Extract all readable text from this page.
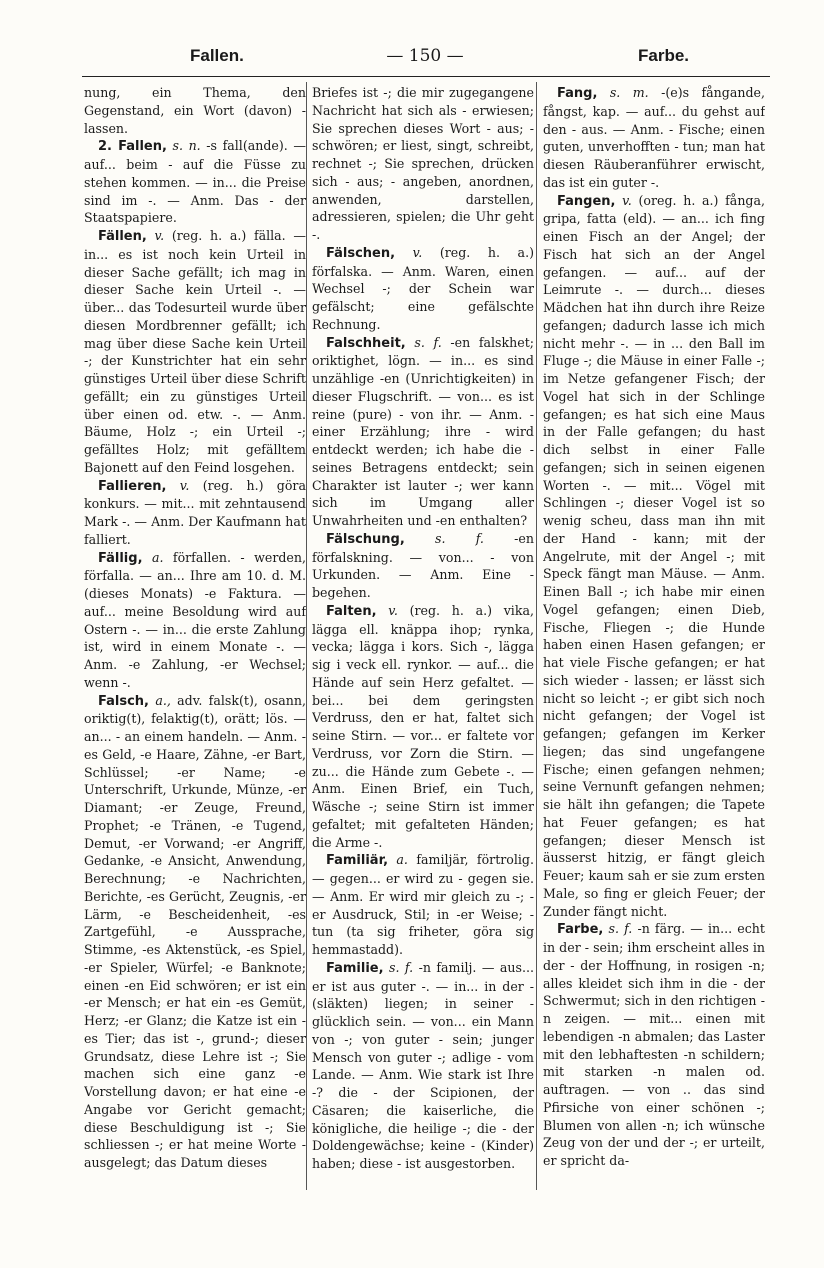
Fallen.	— 150 —	Farbe.

nung, ein Thema, den Gegenstand, ein Wort (davon) - lassen.

2. Fallen, s. n. -s fall(ande). — auf... beim - auf die Füsse zu stehen kommen. — in... die Preise sind im -. — Anm. Das - der Staatspapiere.

Fällen, v. (reg. h. a.) fälla. — in... es ist noch kein Urteil in dieser Sache gefällt; ich mag in dieser Sache kein Urteil -. — über... das Todesurteil wurde über diesen Mordbrenner gefällt; ich mag über diese Sache kein Urteil -; der Kunstrichter hat ein sehr günstiges Urteil über diese Schrift gefällt; ein zu günstiges Urteil über einen od. etw. -. — Anm. Bäume, Holz -; ein Urteil -; gefälltes Holz; mit gefälltem Bajonett auf den Feind losgehen.

Fallieren, v. (reg. h.) göra konkurs. — mit... mit zehntausend Mark -. — Anm. Der Kaufmann hat falliert.

Fällig, a. förfallen. - werden, förfalla. — an... Ihre am 10. d. M. (dieses Monats) -e Faktura. — auf... meine Besoldung wird auf Ostern -. — in... die erste Zahlung ist, wird in einem Monate -. — Anm. -e Zahlung, -er Wechsel; wenn -.

Falsch, a., adv. falsk(t), osann, oriktig(t), felaktig(t), orätt; lös. — an... - an einem handeln. — Anm. -es Geld, -e Haare, Zähne, -er Bart, Schlüssel; -er Name; -e Unterschrift, Urkunde, Münze, -er Diamant; -er Zeuge, Freund, Prophet; -e Tränen, -e Tugend, Demut, -er Vorwand; -er Angriff, Gedanke, -e Ansicht, Anwendung, Berechnung; -e Nachrichten, Berichte, -es Gerücht, Zeugnis, -er Lärm, -e Bescheidenheit, -es Zartgefühl, -e Aussprache, Stimme, -es Aktenstück, -es Spiel, -er Spieler, Würfel; -e Banknote; einen -en Eid schwören; er ist ein -er Mensch; er hat ein -es Gemüt, Herz; -er Glanz; die Katze ist ein -es Tier; das ist -, grund-; dieser Grundsatz, diese Lehre ist -; Sie machen sich eine ganz -e Vorstellung davon; er hat eine -e Angabe vor Gericht gemacht; diese Beschuldigung ist -; Sie schliessen -; er hat meine Worte - ausgelegt; das Datum dieses

Briefes ist -; die mir zugegangene Nachricht hat sich als - erwiesen; Sie sprechen dieses Wort - aus; - schwören; er liest, singt, schreibt, rechnet -; Sie sprechen, drücken sich - aus; - angeben, anordnen, anwenden, darstellen, adressieren, spielen; die Uhr geht -.

Fälschen, v. (reg. h. a.) förfalska. — Anm. Waren, einen Wechsel -; der Schein war gefälscht; eine gefälschte Rechnung.

Falschheit, s. f. -en falskhet; oriktighet, lögn. — in... es sind unzählige -en (Unrichtigkeiten) in dieser Flugschrift. — von... es ist reine (pure) - von ihr. — Anm. - einer Erzählung; ihre - wird entdeckt werden; ich habe die - seines Betragens entdeckt; sein Charakter ist lauter -; wer kann sich im Umgang aller Unwahrheiten und -en enthalten?

Fälschung, s. f. -en förfalskning. — von... - von Urkunden. — Anm. Eine - begehen.

Falten, v. (reg. h. a.) vika, lägga ell. knäppa ihop; rynka, vecka; lägga i kors. Sich -, lägga sig i veck ell. rynkor. — auf... die Hände auf sein Herz gefaltet. — bei... bei dem geringsten Verdruss, den er hat, faltet sich seine Stirn. — vor... er faltete vor Verdruss, vor Zorn die Stirn. — zu... die Hände zum Gebete -. — Anm. Einen Brief, ein Tuch, Wäsche -; seine Stirn ist immer gefaltet; mit gefalteten Händen; die Arme -.

Familiär, a. familjär, förtrolig. — gegen... er wird zu - gegen sie. — Anm. Er wird mir gleich zu -; -er Ausdruck, Stil; in -er Weise; - tun (ta sig friheter, göra sig hemmastadd).

Familie, s. f. -n familj. — aus... er ist aus guter -. — in... in der - (släkten) liegen; in seiner - glücklich sein. — von... ein Mann von -; von guter - sein; junger Mensch von guter -; adlige - vom Lande. — Anm. Wie stark ist Ihre -? die - der Scipionen, der Cäsaren; die kaiserliche, die königliche, die heilige -; die - der Doldengewächse; keine - (Kinder) haben; diese - ist ausgestorben.

Fang, s. m. -(e)s fångande, fångst, kap. — auf... du gehst auf den - aus. — Anm. - Fische; einen guten, unverhofften - tun; man hat diesen Räuberanführer erwischt, das ist ein guter -.

Fangen, v. (oreg. h. a.) fånga, gripa, fatta (eld). — an... ich fing einen Fisch an der Angel; der Fisch hat sich an der Angel gefangen. — auf... auf der Leimrute -. — durch... dieses Mädchen hat ihn durch ihre Reize gefangen; dadurch lasse ich mich nicht mehr -. — in ... den Ball im Fluge -; die Mäuse in einer Falle -; im Netze gefangener Fisch; der Vogel hat sich in der Schlinge gefangen; es hat sich eine Maus in der Falle gefangen; du hast dich selbst in einer Falle gefangen; sich in seinen eigenen Worten -. — mit... Vögel mit Schlingen -; dieser Vogel ist so wenig scheu, dass man ihn mit der Hand - kann; mit der Angelrute, mit der Angel -; mit Speck fängt man Mäuse. — Anm. Einen Ball -; ich habe mir einen Vogel gefangen; einen Dieb, Fische, Fliegen -; die Hunde haben einen Hasen gefangen; er hat viele Fische gefangen; er hat sich wieder - lassen; er lässt sich nicht so leicht -; er gibt sich noch nicht gefangen; der Vogel ist gefangen; gefangen im Kerker liegen; das sind ungefangene Fische; einen gefangen nehmen; seine Vernunft gefangen nehmen; sie hält ihn gefangen; die Tapete hat Feuer gefangen; es hat gefangen; dieser Mensch ist äusserst hitzig, er fängt gleich Feuer; kaum sah er sie zum ersten Male, so fing er gleich Feuer; der Zunder fängt nicht.

Farbe, s. f. -n färg. — in... echt in der - sein; ihm erscheint alles in der - der Hoffnung, in rosigen -n; alles kleidet sich ihm in die - der Schwermut; sich in den richtigen -n zeigen. — mit... einen mit lebendigen -n abmalen; das Laster mit den lebhaftesten -n schildern; mit starken -n malen od. auftragen. — von .. das sind Pfirsiche von einer schönen -; Blumen von allen -n; ich wünsche Zeug von der und der -; er urteilt, er spricht da-
